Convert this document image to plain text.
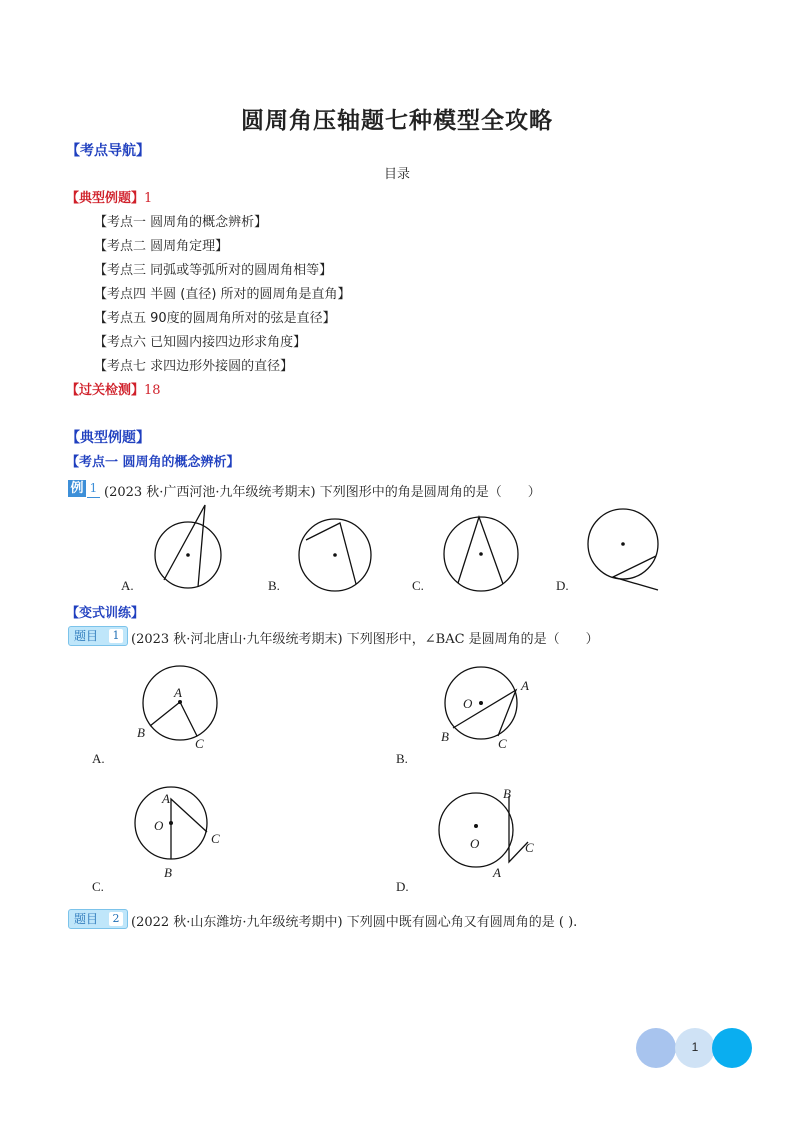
圆周角压轴题七种模型全攻略
【考点导航】
目录
【典型例题】1
【考点一 圆周角的概念辨析】
【考点二 圆周角定理】
【考点三 同弧或等弧所对的圆周角相等】
【考点四 半圆 (直径) 所对的圆周角是直角】
【考点五 90度的圆周角所对的弦是直径】
【考点六 已知圆内接四边形求角度】
【考点七 求四边形外接圆的直径】
【过关检测】18
【典型例题】
【考点一 圆周角的概念辨析】
例 1 (2023 秋·广西河池·九年级统考期末) 下列图形中的角是圆周角的是（　　）
A.	B.	C.	D.
【变式训练】
题目	1 (2023 秋·河北唐山·九年级统考期末) 下列图形中，∠BAC 是圆周角的是（　　）
A
B
C
O
A
B	C
A
O
B
C
B
O
A
C
A.	B.
C.	D.
题目	2 (2022 秋·山东潍坊·九年级统考期中) 下列圆中既有圆心角又有圆周角的是 ( ).
1
